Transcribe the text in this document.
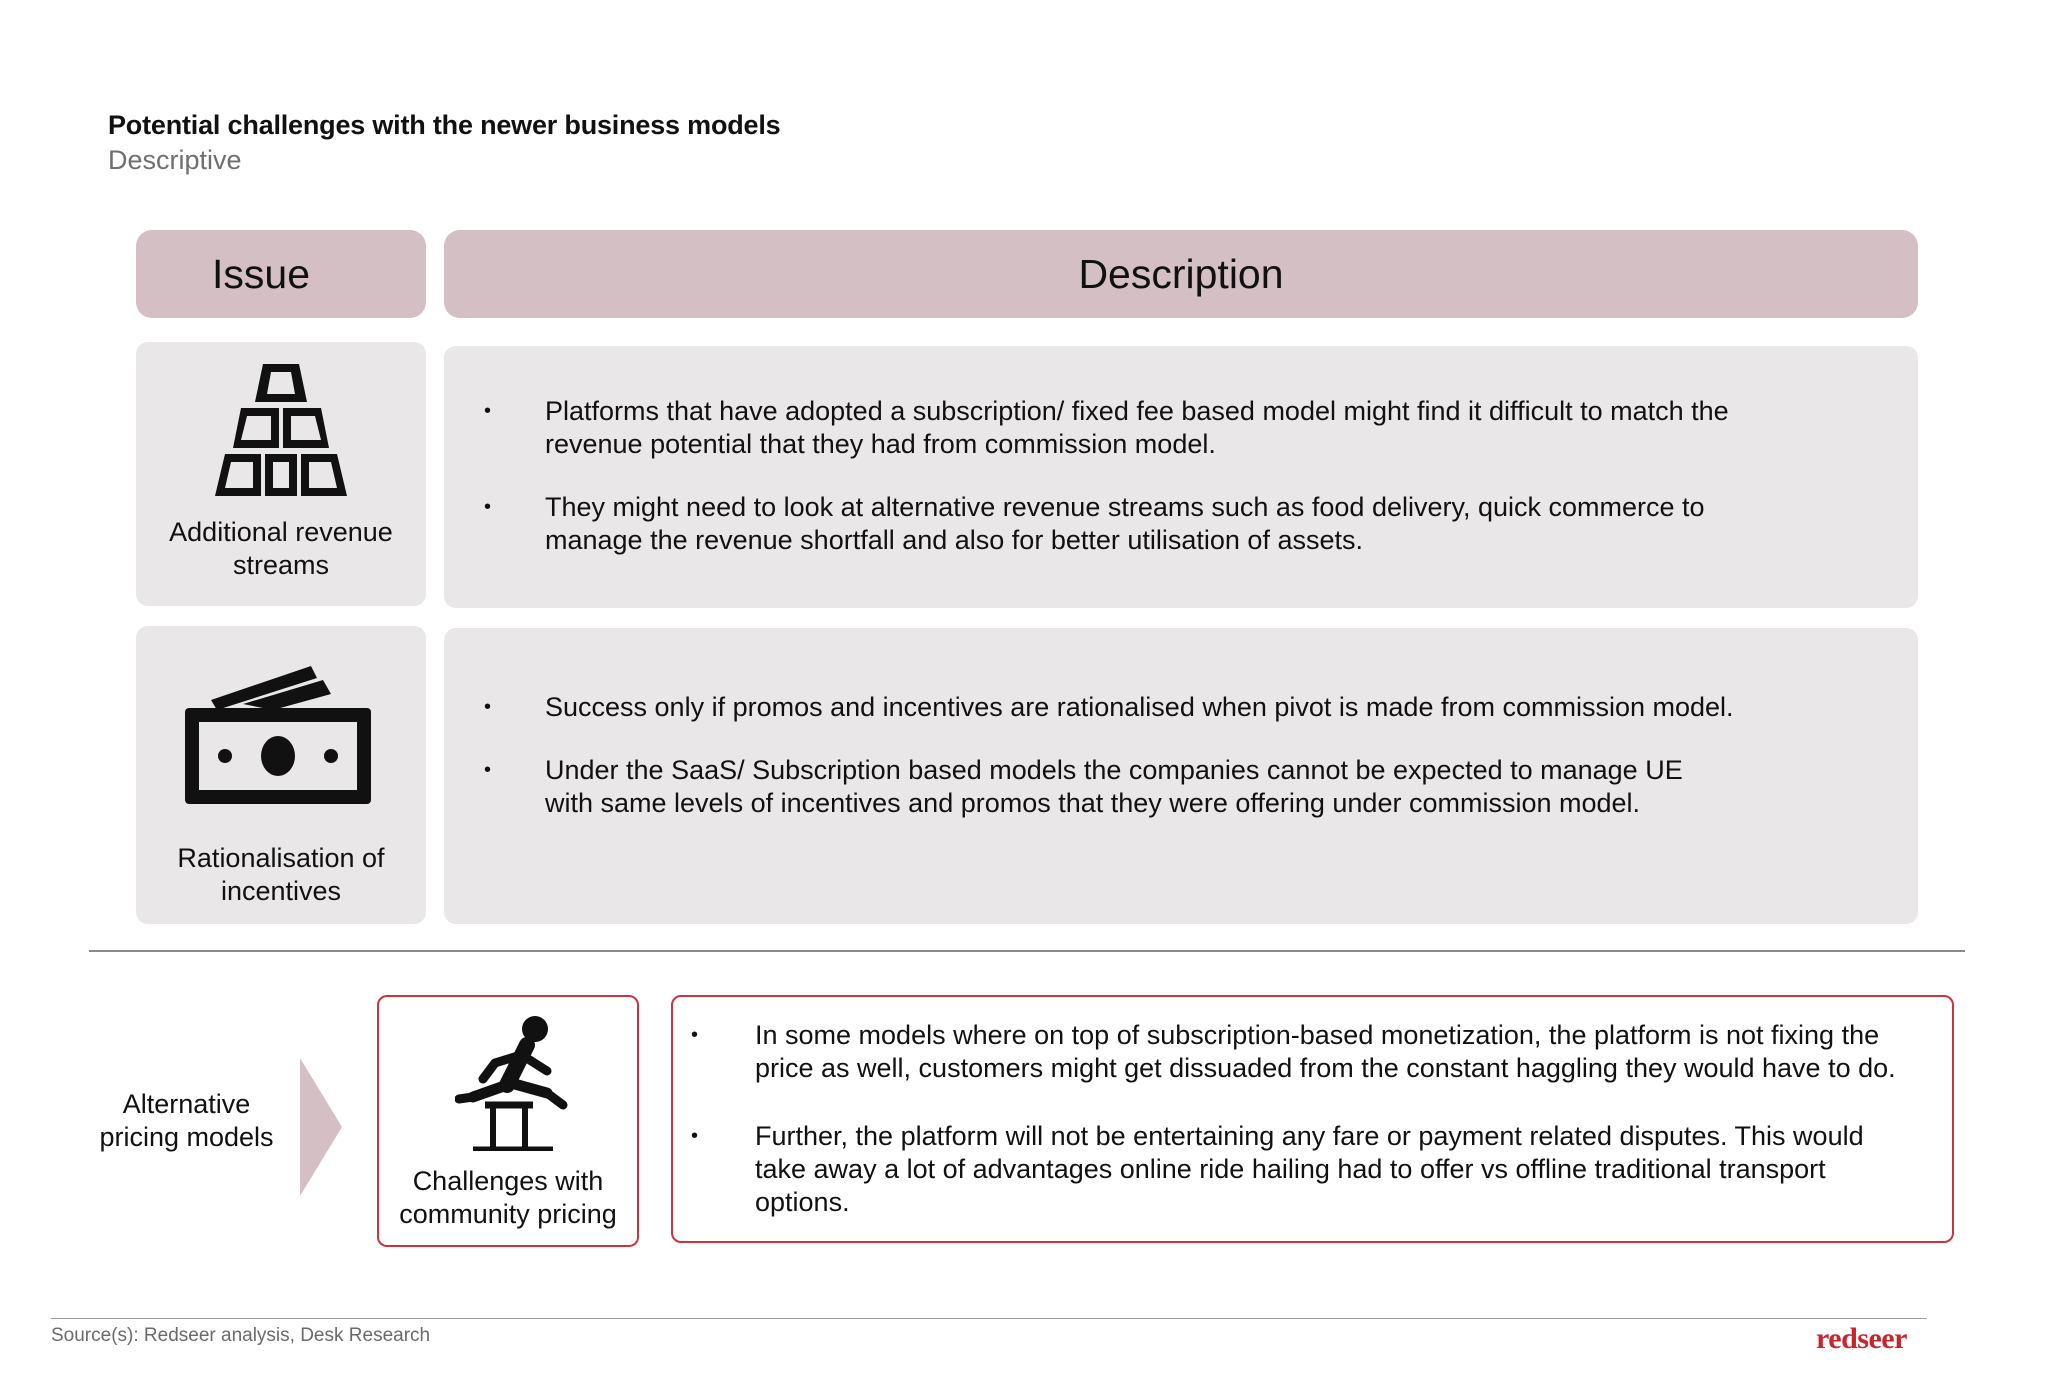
Potential challenges with the newer business models
Descriptive
Issue	Description
Additional revenue streams
• Platforms that have adopted a subscription/ fixed fee based model might find it difficult to match the revenue potential that they had from commission model.
• They might need to look at alternative revenue streams such as food delivery, quick commerce to manage the revenue shortfall and also for better utilisation of assets.
Rationalisation of incentives
• Success only if promos and incentives are rationalised when pivot is made from commission model.
• Under the SaaS/ Subscription based models the companies cannot be expected to manage UE with same levels of incentives and promos that they were offering under commission model.
Alternative pricing models
Challenges with community pricing
• In some models where on top of subscription-based monetization, the platform is not fixing the price as well, customers might get dissuaded from the constant haggling they would have to do.
• Further, the platform will not be entertaining any fare or payment related disputes. This would take away a lot of advantages online ride hailing had to offer vs offline traditional transport options.
Source(s): Redseer analysis, Desk Research	redseer
